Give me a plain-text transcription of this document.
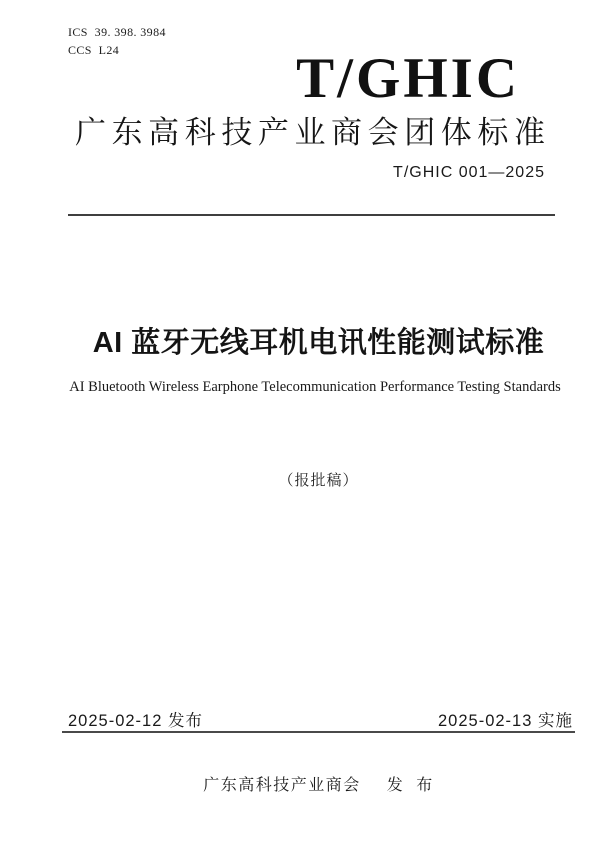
ICS  39. 398. 3984
CCS  L24	T/GHIC
广 东 高 科 技 产 业 商 会 团 体 标 准
T/GHIC 001—2025
AI 蓝牙无线耳机电讯性能测试标准
AI Bluetooth Wireless Earphone Telecommunication Performance Testing Standards
（报批稿）
2025-02-12 发布	2025-02-13 实施
广东高科技产业商会 发 布
